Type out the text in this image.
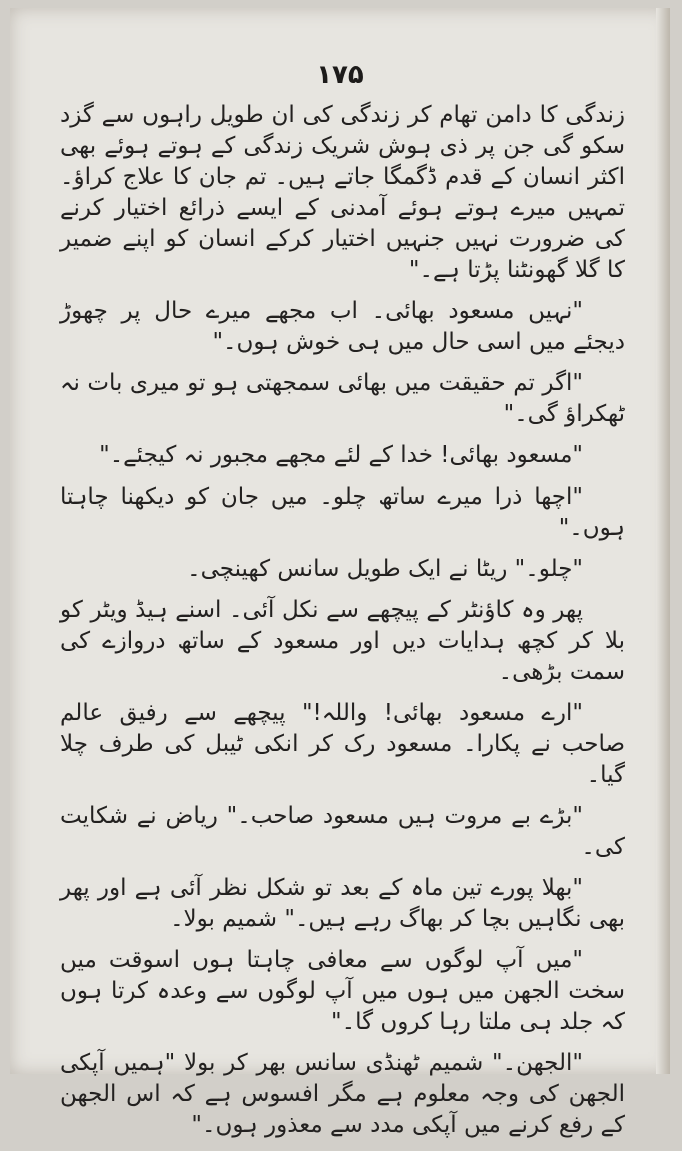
۱۷۵

زندگی کا دامن تھام کر زندگی کی ان طویل راہوں سے گزد سکو گی جن پر ذی ہوش شریک زندگی کے ہوتے ہوئے بھی اکثر انسان کے قدم ڈگمگا جاتے ہیں۔ تم جان کا علاج کراؤ۔ تمہیں میرے ہوتے ہوئے آمدنی کے ایسے ذرائع اختیار کرنے کی ضرورت نہیں جنہیں اختیار کرکے انسان کو اپنے ضمیر کا گلا گھونٹنا پڑتا ہے۔"

"نہیں مسعود بھائی۔ اب مجھے میرے حال پر چھوڑ دیجئے میں اسی حال میں ہی خوش ہوں۔"

"اگر تم حقیقت میں بھائی سمجھتی ہو تو میری بات نہ ٹھکراؤ گی۔"

"مسعود بھائی! خدا کے لئے مجھے مجبور نہ کیجئے۔"

"اچھا ذرا میرے ساتھ چلو۔ میں جان کو دیکھنا چاہتا ہوں۔"

"چلو۔" ریٹا نے ایک طویل سانس کھینچی۔

پھر وہ کاؤنٹر کے پیچھے سے نکل آئی۔ اسنے ہیڈ ویٹر کو بلا کر کچھ ہدایات دیں اور مسعود کے ساتھ دروازے کی سمت بڑھی۔

"ارے مسعود بھائی! واللہ!" پیچھے سے رفیق عالم صاحب نے پکارا۔ مسعود رک کر انکی ٹیبل کی طرف چلا گیا۔

"بڑے بے مروت ہیں مسعود صاحب۔" ریاض نے شکایت کی۔

"بھلا پورے تین ماہ کے بعد تو شکل نظر آئی ہے اور پھر بھی نگاہیں بچا کر بھاگ رہے ہیں۔" شمیم بولا۔

"میں آپ لوگوں سے معافی چاہتا ہوں اسوقت میں سخت الجھن میں ہوں میں آپ لوگوں سے وعدہ کرتا ہوں کہ جلد ہی ملتا رہا کروں گا۔"

"الجھن۔" شمیم ٹھنڈی سانس بھر کر بولا "ہمیں آپکی الجھن کی وجہ معلوم ہے مگر افسوس ہے کہ اس الجھن کے رفع کرنے میں آپکی مدد سے معذور ہوں۔"
